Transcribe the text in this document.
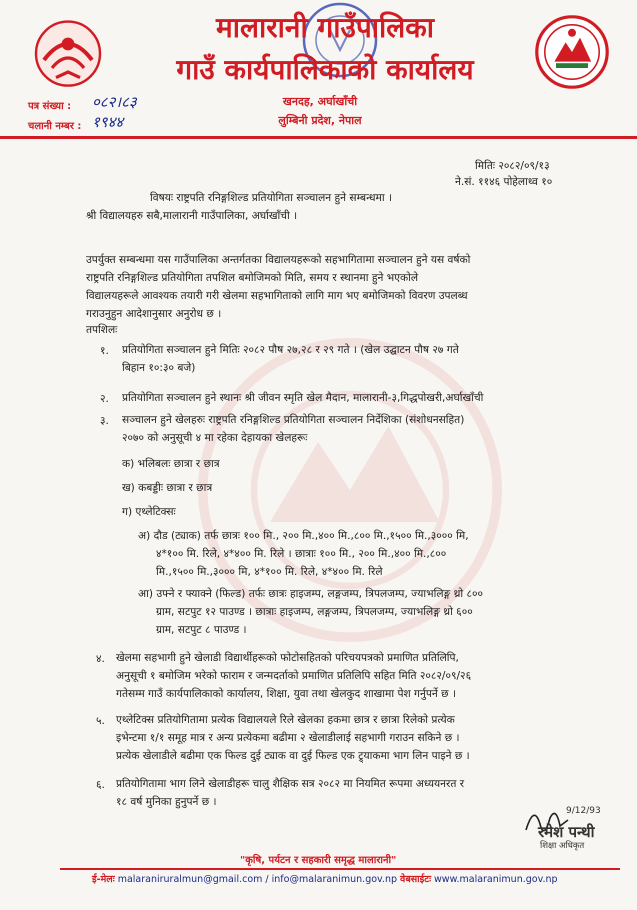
मालारानी गाउँपालिका
गाउँ कार्यपालिकाको कार्यालय
खनदह, अर्घाखाँची
लुम्बिनी प्रदेश, नेपाल
पत्र संख्या : ०८२।८३
चलानी नम्बर : १९४४
मितिः २०८२/०९/१३
ने.सं. ११४६ पोहेलाथ्व १०
विषयः राष्ट्रपति रनिङ्गशिल्ड प्रतियोगिता सञ्चालन हुने सम्बन्धमा ।
श्री विद्यालयहरु सबै,मालारानी गाउँपालिका, अर्घाखाँची ।
उपर्युक्त सम्बन्धमा यस गाउँपालिका अन्तर्गतका विद्यालयहरूको सहभागितामा सञ्चालन हुने यस वर्षको
राष्ट्रपति रनिङ्गशिल्ड प्रतियोगिता तपशिल बमोजिमको मिति, समय र स्थानमा हुने भएकोले
विद्यालयहरूले आवश्यक तयारी गरी खेलमा सहभागिताको लागि माग भए बमोजिमको विवरण उपलब्ध
गराउनुहुन आदेशानुसार अनुरोध छ ।
तपशिलः
१. प्रतियोगिता सञ्चालन हुने मितिः २०८२ पौष २७,२८ र २९ गते । (खेल उद्घाटन पौष २७ गते
बिहान १०:३० बजे)
२. प्रतियोगिता सञ्चालन हुने स्थानः श्री जीवन स्मृति खेल मैदान, मालारानी-३,गिद्धपोखरी,अर्घाखाँची
३. सञ्चालन हुने खेलहरुः राष्ट्रपति रनिङ्गशिल्ड प्रतियोगिता सञ्चालन निर्देशिका (संशोधनसहित)
२०७० को अनुसूची ४ मा रहेका देहायका खेलहरूः
क) भलिबलः छात्रा र छात्र
ख) कबड्डीः छात्रा र छात्र
ग) एथ्लेटिक्सः
अ) दौड (ट्याक) तर्फ छात्रः १०० मि., २०० मि.,४०० मि.,८०० मि.,१५०० मि.,३००० मि,
४*१०० मि. रिले, ४*४०० मि. रिले । छात्राः १०० मि., २०० मि.,४०० मि.,८००
मि.,१५०० मि.,३००० मि, ४*१०० मि. रिले, ४*४०० मि. रिले
आ) उफ्ने र फ्याक्ने (फिल्ड) तर्फः छात्रः हाइजम्प, लङ्गजम्प, त्रिपलजम्प, ज्याभलिङ्ग थ्रो ८००
ग्राम, सटपुट १२ पाउण्ड । छात्राः हाइजम्प, लङ्गजम्प, त्रिपलजम्प, ज्याभलिङ्ग थ्रो ६००
ग्राम, सटपुट ८ पाउण्ड ।
४. खेलमा सहभागी हुने खेलाडी विद्यार्थीहरूको फोटोसहितको परिचयपत्रको प्रमाणित प्रतिलिपि,
अनुसूची १ बमोजिम भरेको फाराम र जन्मदर्ताको प्रमाणित प्रतिलिपि सहित मिति २०८२/०९/२६
गतेसम्म गाउँ कार्यपालिकाको कार्यालय, शिक्षा, युवा तथा खेलकुद शाखामा पेश गर्नुपर्ने छ ।
५. एथ्लेटिक्स प्रतियोगितामा प्रत्येक विद्यालयले रिले खेलका हकमा छात्र र छात्रा रिलेको प्रत्येक
इभेन्टमा १/१ समूह मात्र र अन्य प्रत्येकमा बढीमा २ खेलाडीलाई सहभागी गराउन सकिने छ ।
प्रत्येक खेलाडीले बढीमा एक फिल्ड दुई ट्याक वा दुई फिल्ड एक ट्र्याकमा भाग लिन पाइने छ ।
६. प्रतियोगितामा भाग लिने खेलाडीहरू चालु शैक्षिक सत्र २०८२ मा नियमित रूपमा अध्ययनरत र
१८ वर्ष मुनिका हुनुपर्ने छ ।
9/12/93
रमेश पन्थी
शिक्षा अधिकृत
"कृषि, पर्यटन र सहकारी समृद्ध मालारानी"
ई-मेलः malaraniruralmun@gmail.com / info@malaranimun.gov.np वेबसाईटः www.malaranimun.gov.np
